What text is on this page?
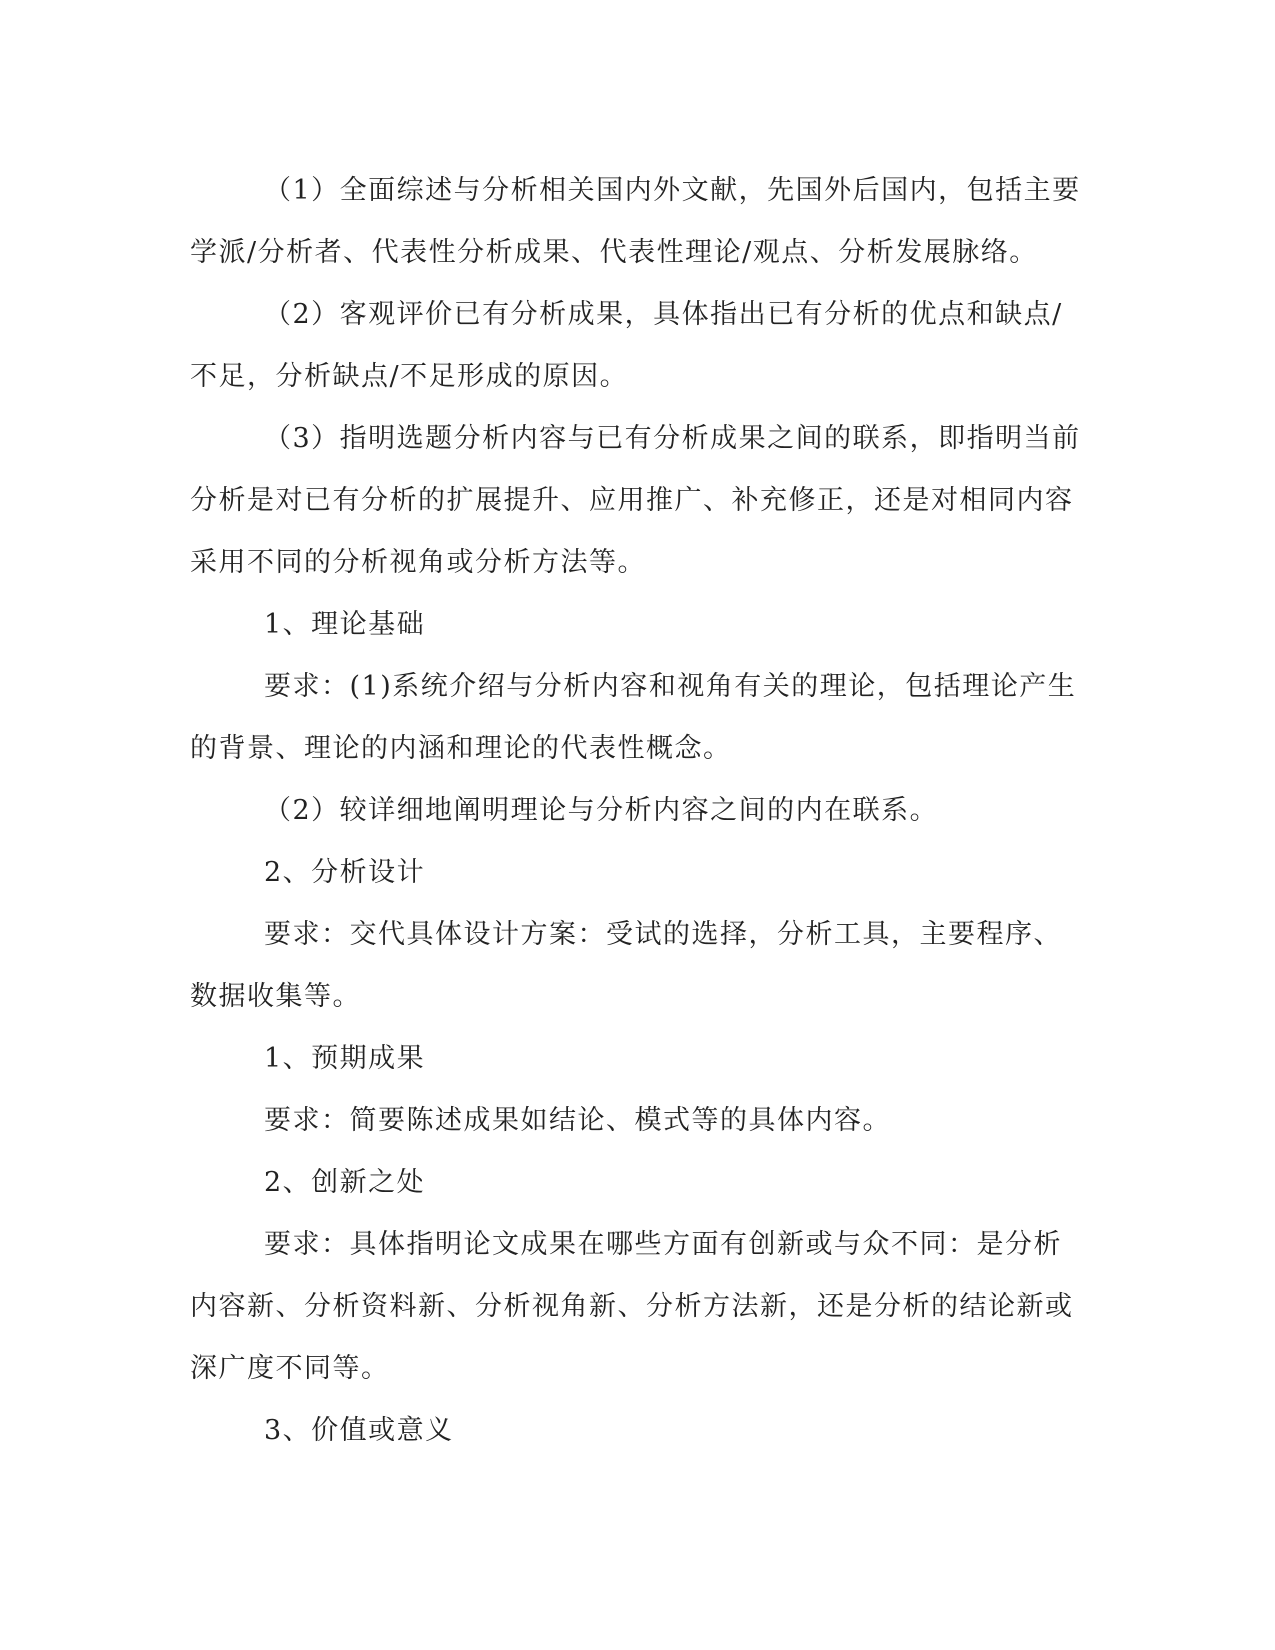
（1）全面综述与分析相关国内外文献，先国外后国内，包括主要学派/分析者、代表性分析成果、代表性理论/观点、分析发展脉络。

（2）客观评价已有分析成果，具体指出已有分析的优点和缺点/不足，分析缺点/不足形成的原因。

（3）指明选题分析内容与已有分析成果之间的联系，即指明当前分析是对已有分析的扩展提升、应用推广、补充修正，还是对相同内容采用不同的分析视角或分析方法等。

1、理论基础

要求：(1)系统介绍与分析内容和视角有关的理论，包括理论产生的背景、理论的内涵和理论的代表性概念。

（2）较详细地阐明理论与分析内容之间的内在联系。

2、分析设计

要求：交代具体设计方案：受试的选择，分析工具，主要程序、数据收集等。

1、预期成果

要求：简要陈述成果如结论、模式等的具体内容。

2、创新之处

要求：具体指明论文成果在哪些方面有创新或与众不同：是分析内容新、分析资料新、分析视角新、分析方法新，还是分析的结论新或深广度不同等。

3、价值或意义
